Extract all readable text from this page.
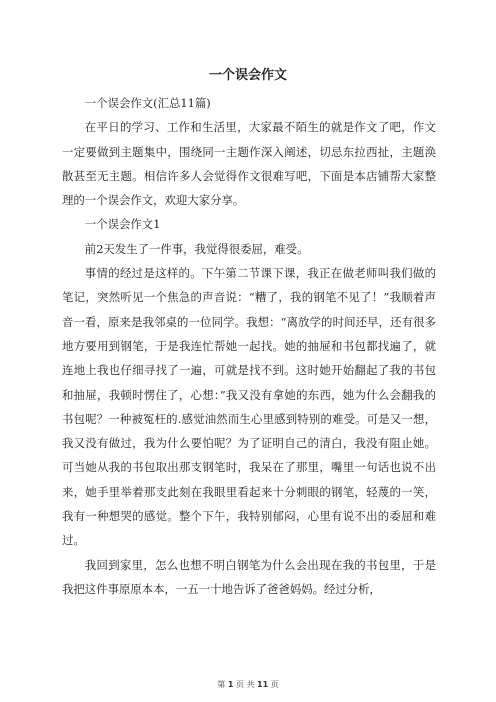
一个误会作文

一个误会作文(汇总11篇)

在平日的学习、工作和生活里，大家最不陌生的就是作文了吧，作文一定要做到主题集中，围绕同一主题作深入阐述，切忌东拉西扯，主题涣散甚至无主题。相信许多人会觉得作文很难写吧，下面是本店铺帮大家整理的一个误会作文，欢迎大家分享。

一个误会作文1

前2天发生了一件事，我觉得很委屈，难受。

事情的经过是这样的。下午第二节课下课，我正在做老师叫我们做的笔记，突然听见一个焦急的声音说：“糟了，我的钢笔不见了！”我顺着声音一看，原来是我邻桌的一位同学。我想：“离放学的时间还早，还有很多地方要用到钢笔，于是我连忙帮她一起找。她的抽屉和书包都找遍了，就连地上我也仔细寻找了一遍，可就是找不到。这时她开始翻起了我的书包和抽屉，我顿时愣住了，心想：”我又没有拿她的东西，她为什么会翻我的书包呢？一种被冤枉的.感觉油然而生心里感到特别的难受。可是又一想，我又没有做过，我为什么要怕呢？为了证明自己的清白，我没有阻止她。可当她从我的书包取出那支钢笔时，我呆在了那里，嘴里一句话也说不出来，她手里举着那支此刻在我眼里看起来十分刺眼的钢笔，轻蔑的一笑，我有一种想哭的感觉。整个下午，我特别郁闷，心里有说不出的委屈和难过。

我回到家里，怎么也想不明白钢笔为什么会出现在我的书包里，于是我把这件事原原本本，一五一十地告诉了爸爸妈妈。经过分析，

第 1 页 共 11 页
